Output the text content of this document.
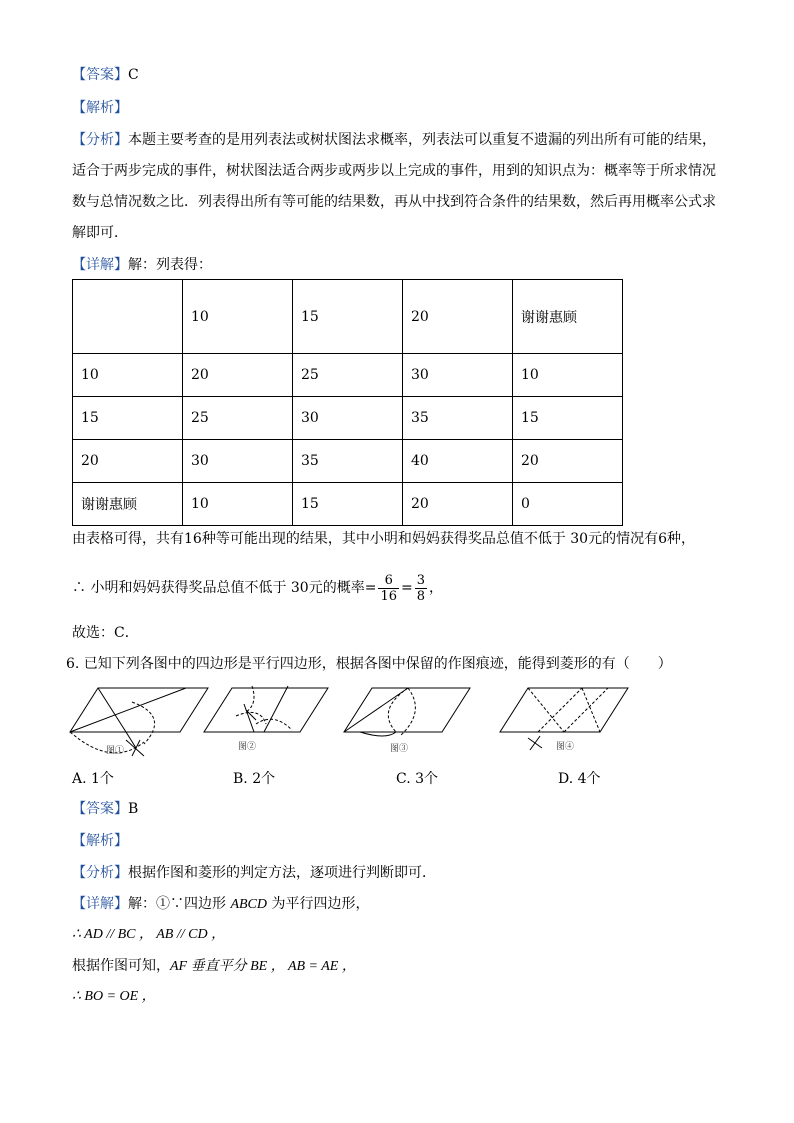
【答案】C
【解析】
【分析】本题主要考查的是用列表法或树状图法求概率，列表法可以重复不遗漏的列出所有可能的结果，
适合于两步完成的事件，树状图法适合两步或两步以上完成的事件，用到的知识点为：概率等于所求情况
数与总情况数之比．列表得出所有等可能的结果数，再从中找到符合条件的结果数，然后再用概率公式求
解即可．
【详解】解：列表得：
	10	15	20	谢谢惠顾
10	20	25	30	10
15	25	30	35	15
20	30	35	40	20
谢谢惠顾	10	15	20	0
由表格可得，共有16种等可能出现的结果，其中小明和妈妈获得奖品总值不低于 30元的情况有6种，
∴ 小明和妈妈获得奖品总值不低于 30元的概率= $\frac{6}{16} = \frac{3}{8}$ ，
故选：C．
6. 已知下列各图中的四边形是平行四边形，根据各图中保留的作图痕迹，能得到菱形的有（　　）
图①	图②	图③	图④
A. 1个	B. 2个	C. 3个	D. 4个
【答案】B
【解析】
【分析】根据作图和菱形的判定方法，逐项进行判断即可．
【详解】解：①∵四边形 ABCD 为平行四边形，
∴ AD // BC ， AB // CD ，
根据作图可知，AF 垂直平分 BE ， AB = AE ，
∴ BO = OE ，
